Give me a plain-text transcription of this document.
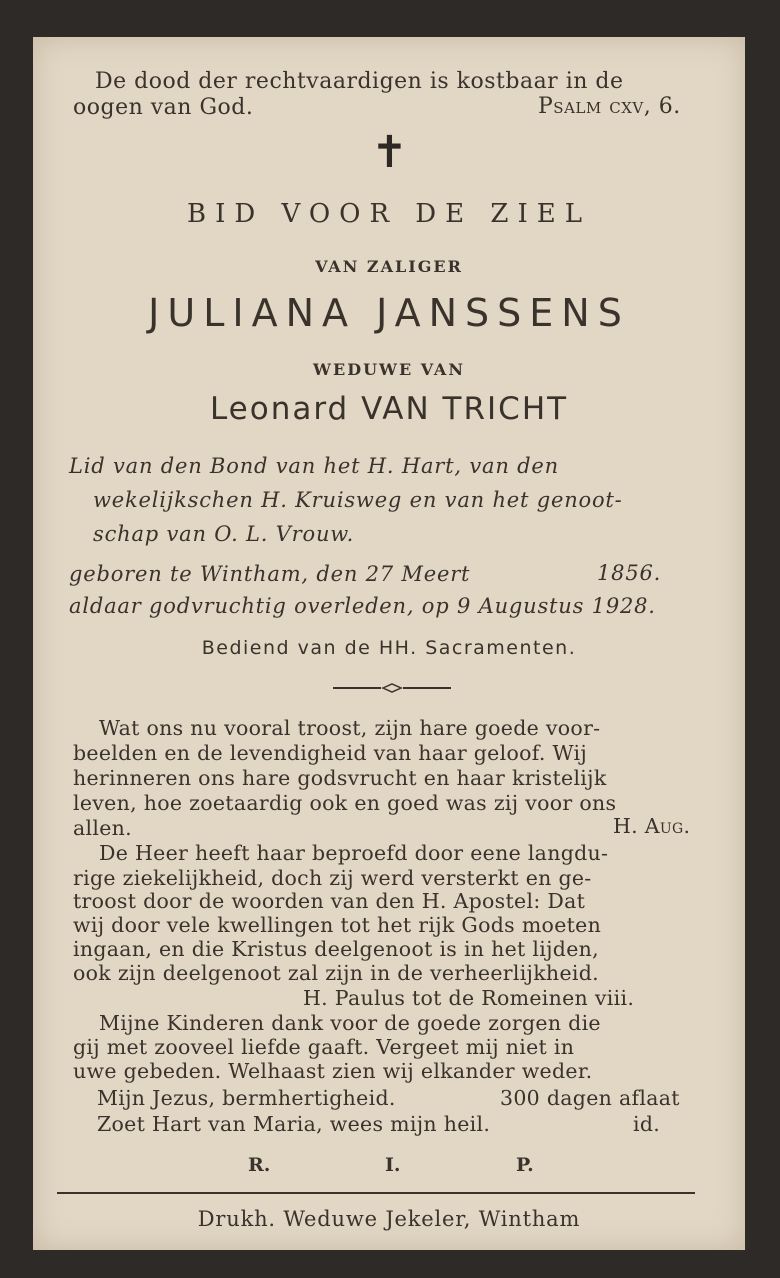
De dood der rechtvaardigen is kostbaar in de
oogen van God.	Psalm cxv, 6.
✝
BID VOOR DE ZIEL
VAN ZALIGER
JULIANA JANSSENS
WEDUWE VAN
Leonard VAN TRICHT
Lid van den Bond van het H. Hart, van den
wekelijkschen H. Kruisweg en van het genoot-
schap van O. L. Vrouw.
geboren te Wintham, den 27 Meert	1856.
aldaar godvruchtig overleden, op 9 Augustus 1928.
Bediend van de HH. Sacramenten.
Wat ons nu vooral troost, zijn hare goede voor-
beelden en de levendigheid van haar geloof. Wij
herinneren ons hare godsvrucht en haar kristelijk
leven, hoe zoetaardig ook en goed was zij voor ons
allen.
De Heer heeft haar beproefd door eene langdu-
rige ziekelijkheid, doch zij werd versterkt en ge-
troost door de woorden van den H. Apostel: Dat
wij door vele kwellingen tot het rijk Gods moeten
ingaan, en die Kristus deelgenoot is in het lijden,
ook zijn deelgenoot zal zijn in de verheerlijkheid.
Mijne Kinderen dank voor de goede zorgen die
gij met zooveel liefde gaaft. Vergeet mij niet in
uwe gebeden. Welhaast zien wij elkander weder.
H. Aug.
H. Paulus tot de Romeinen viii.
Mijn Jezus, bermhertigheid.	300 dagen aflaat
Zoet Hart van Maria, wees mijn heil.	id.
R.	I.	P.
Drukh. Weduwe Jekeler, Wintham
